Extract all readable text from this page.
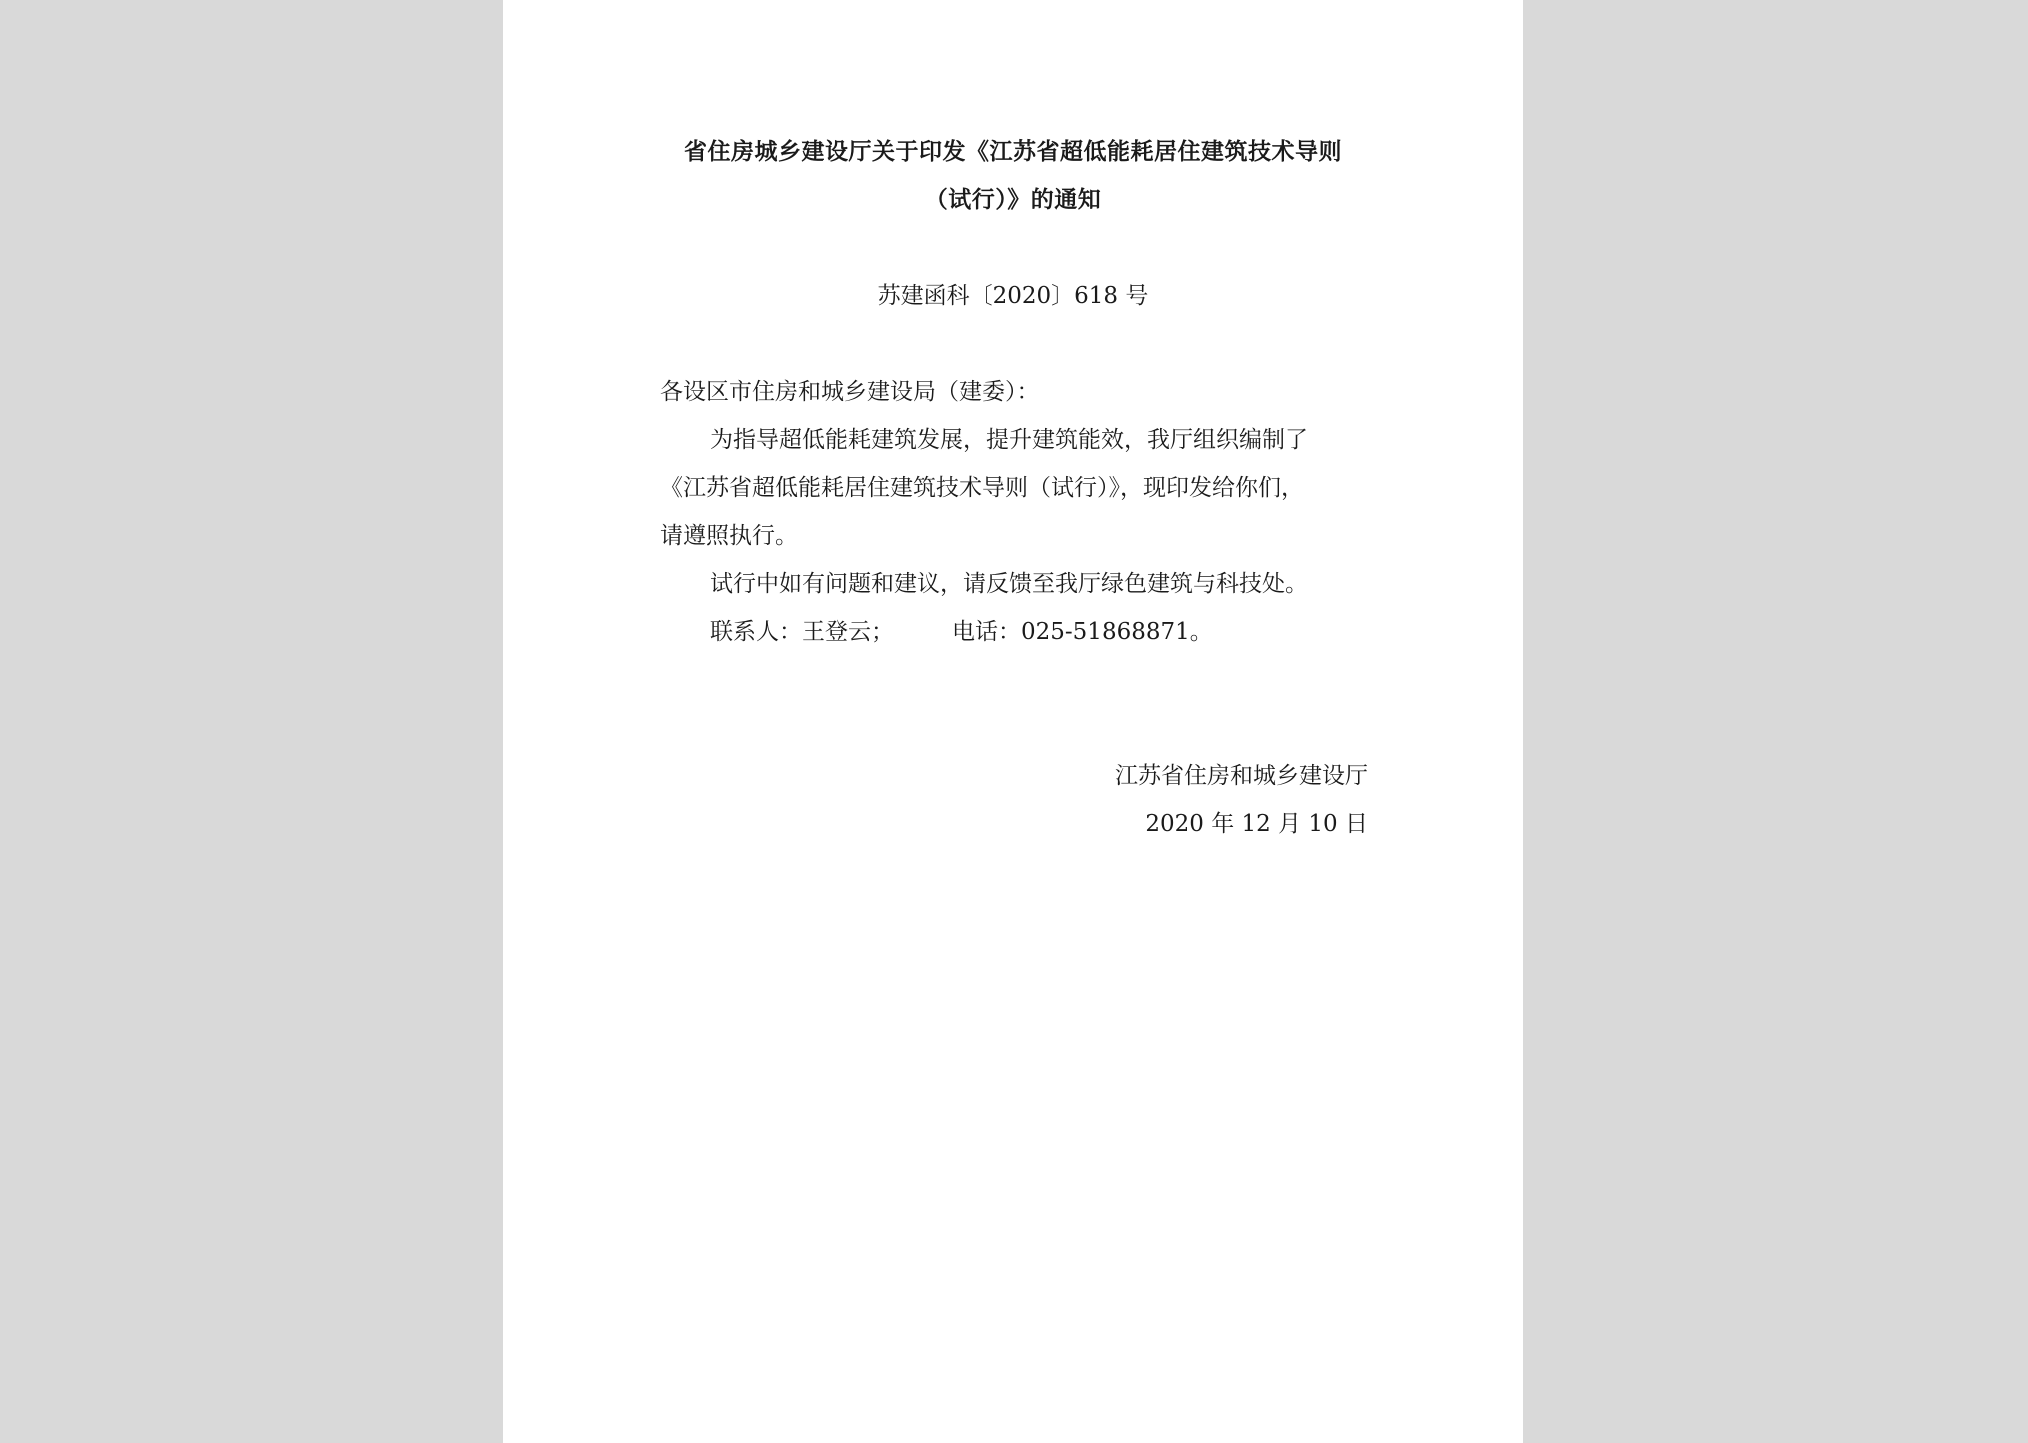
省住房城乡建设厅关于印发《江苏省超低能耗居住建筑技术导则
（试行）》的通知
苏建函科〔2020〕618 号
各设区市住房和城乡建设局（建委）：
为指导超低能耗建筑发展，提升建筑能效，我厅组织编制了
《江苏省超低能耗居住建筑技术导则（试行）》，现印发给你们，
请遵照执行。
试行中如有问题和建议，请反馈至我厅绿色建筑与科技处。
联系人：王登云；	电话：025-51868871。
江苏省住房和城乡建设厅
2020 年 12 月 10 日
